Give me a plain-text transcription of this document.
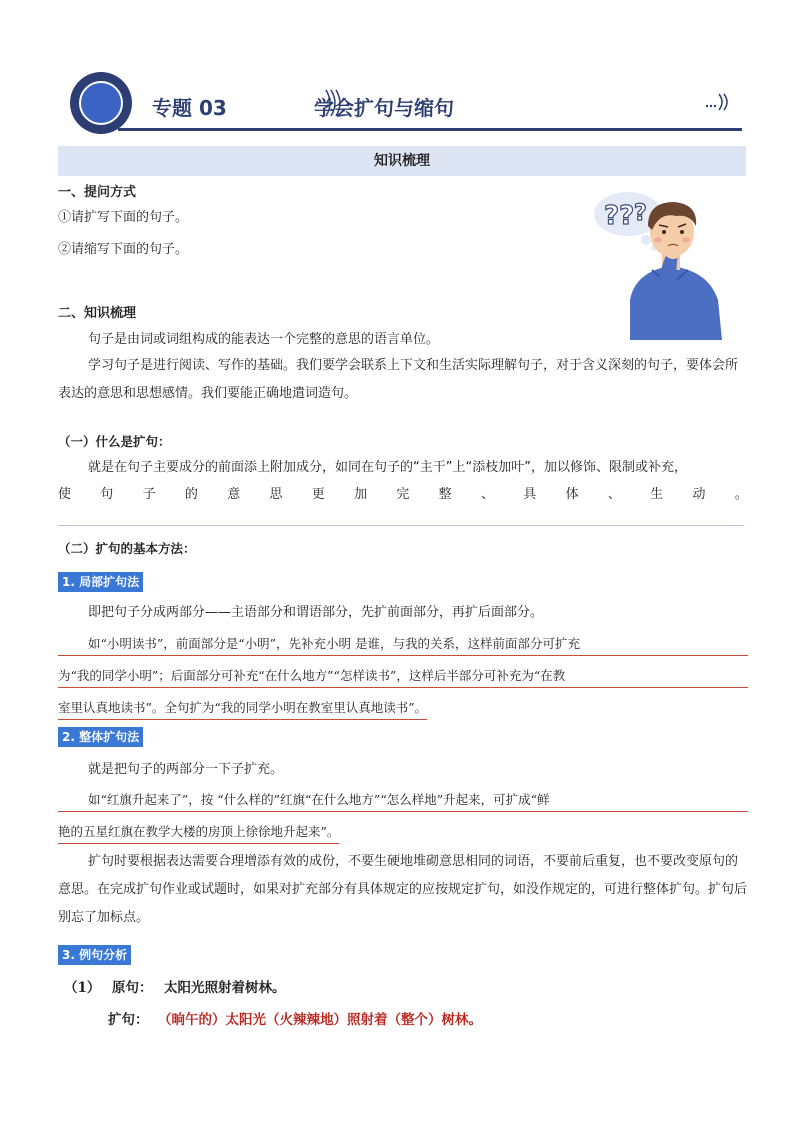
专题 03	学会扩句与缩句
知识梳理
一、提问方式
①请扩写下面的句子。
②请缩写下面的句子。
?? ?
二、知识梳理
句子是由词或词组构成的能表达一个完整的意思的语言单位。
学习句子是进行阅读、写作的基础。我们要学会联系上下文和生活实际理解句子，对于含义深刻的句子，要体会所表达的意思和思想感情。我们要能正确地遣词造句。
（一）什么是扩句：
就是在句子主要成分的前面添上附加成分，如同在句子的“主干”上“添枝加叶”，加以修饰、限制或补充，
使 句 子 的 意 思 更 加 完 整 、 具 体 、 生 动 。
（二）扩句的基本方法：
1. 局部扩句法
即把句子分成两部分——主语部分和谓语部分，先扩前面部分，再扩后面部分。
如“小明读书”，前面部分是“小明”，先补充小明 是谁，与我的关系，这样前面部分可扩充
为“我的同学小明”；后面部分可补充“在什么地方”“怎样读书”，这样后半部分可补充为“在教
室里认真地读书”。全句扩为“我的同学小明在教室里认真地读书”。
2. 整体扩句法
就是把句子的两部分一下子扩充。
如“红旗升起来了”，按 “什么样的”红旗“在什么地方”“怎么样地”升起来，可扩成“鲜
艳的五星红旗在教学大楼的房顶上徐徐地升起来”。
扩句时要根据表达需要合理增添有效的成份，不要生硬地堆砌意思相同的词语，不要前后重复，也不要改变原句的意思。在完成扩句作业或试题时，如果对扩充部分有具体规定的应按规定扩句，如没作规定的，可进行整体扩句。扩句后别忘了加标点。
3. 例句分析
（1） 原句： 太阳光照射着树林。
扩句： （晌午的）太阳光（火辣辣地）照射着（整个）树林。
